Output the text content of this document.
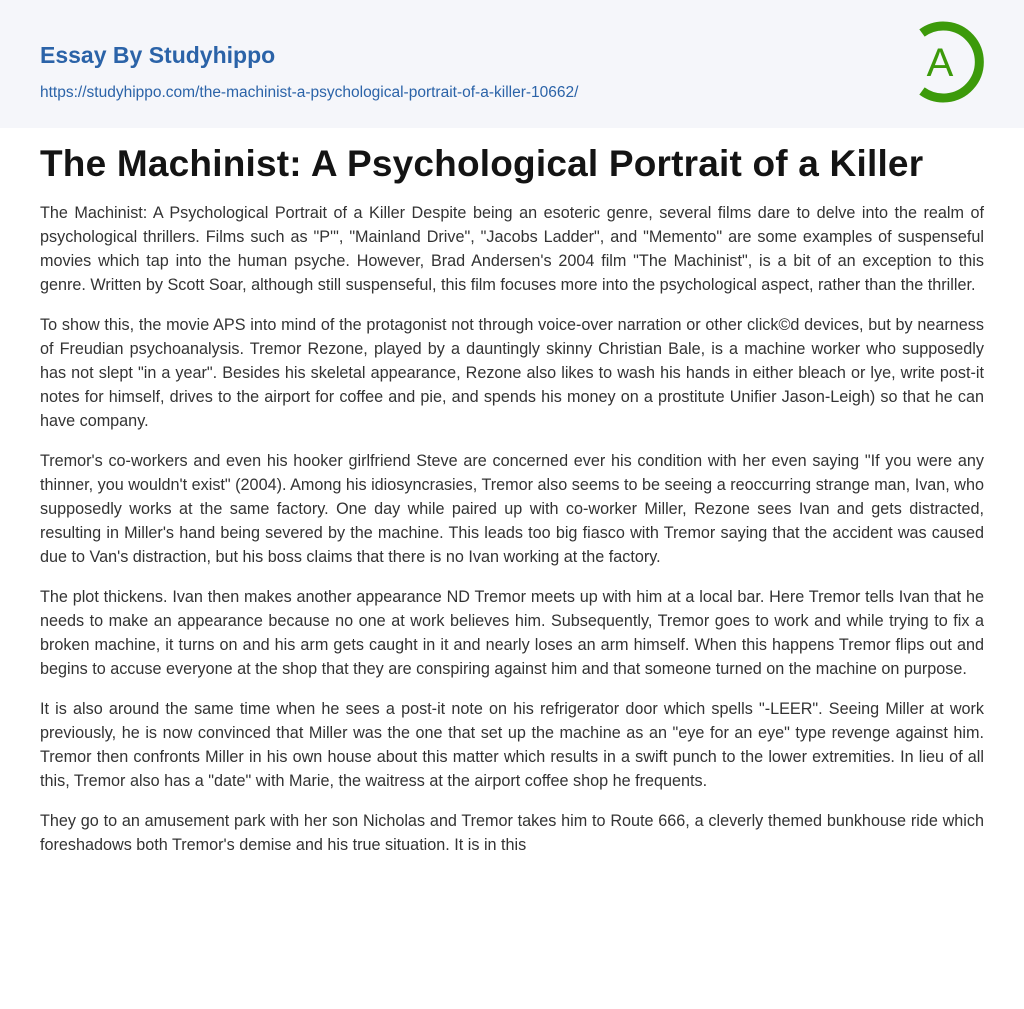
Essay By Studyhippo

https://studyhippo.com/the-machinist-a-psychological-portrait-of-a-killer-10662/
A
The Machinist: A Psychological Portrait of a Killer

The Machinist: A Psychological Portrait of a Killer Despite being an esoteric genre, several films dare to delve into the realm of psychological thrillers. Films such as "P'", "Mainland Drive", "Jacobs Ladder", and "Memento" are some examples of suspenseful movies which tap into the human psyche. However, Brad Andersen's 2004 film "The Machinist", is a bit of an exception to this genre. Written by Scott Soar, although still suspenseful, this film focuses more into the psychological aspect, rather than the thriller.

To show this, the movie APS into mind of the protagonist not through voice-over narration or other click©d devices, but by nearness of Freudian psychoanalysis. Tremor Rezone, played by a dauntingly skinny Christian Bale, is a machine worker who supposedly has not slept "in a year". Besides his skeletal appearance, Rezone also likes to wash his hands in either bleach or lye, write post-it notes for himself, drives to the airport for coffee and pie, and spends his money on a prostitute Unifier Jason-Leigh) so that he can have company.

Tremor's co-workers and even his hooker girlfriend Steve are concerned ever his condition with her even saying "If you were any thinner, you wouldn't exist" (2004). Among his idiosyncrasies, Tremor also seems to be seeing a reoccurring strange man, Ivan, who supposedly works at the same factory. One day while paired up with co-worker Miller, Rezone sees Ivan and gets distracted, resulting in Miller's hand being severed by the machine. This leads too big fiasco with Tremor saying that the accident was caused due to Van's distraction, but his boss claims that there is no Ivan working at the factory.

The plot thickens. Ivan then makes another appearance ND Tremor meets up with him at a local bar. Here Tremor tells Ivan that he needs to make an appearance because no one at work believes him. Subsequently, Tremor goes to work and while trying to fix a broken machine, it turns on and his arm gets caught in it and nearly loses an arm himself. When this happens Tremor flips out and begins to accuse everyone at the shop that they are conspiring against him and that someone turned on the machine on purpose.

It is also around the same time when he sees a post-it note on his refrigerator door which spells "-LEER". Seeing Miller at work previously, he is now convinced that Miller was the one that set up the machine as an "eye for an eye" type revenge against him. Tremor then confronts Miller in his own house about this matter which results in a swift punch to the lower extremities. In lieu of all this, Tremor also has a "date" with Marie, the waitress at the airport coffee shop he frequents.

They go to an amusement park with her son Nicholas and Tremor takes him to Route 666, a cleverly themed bunkhouse ride which foreshadows both Tremor's demise and his true situation. It is in this
